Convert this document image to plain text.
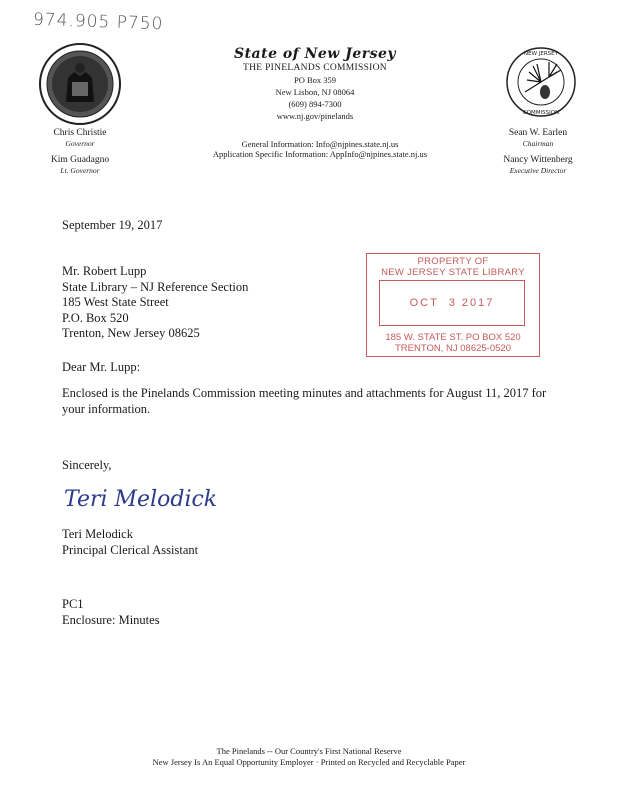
974.905 P750
State of New Jersey
THE PINELANDS COMMISSION
PO Box 359
New Lisbon, NJ 08064
(609) 894-7300
www.nj.gov/pinelands
NEW JERSEY
COMMISSION
Chris Christie
Governor
Kim Guadagno
Lt. Governor
Sean W. Earlen
Chairman
Nancy Wittenberg
Executive Director
General Information: Info@njpines.state.nj.us
Application Specific Information: AppInfo@njpines.state.nj.us
September 19, 2017
Mr. Robert Lupp
State Library – NJ Reference Section
185 West State Street
P.O. Box 520
Trenton, New Jersey 08625
PROPERTY OF
NEW JERSEY STATE LIBRARY
OCT  3 2017
185 W. STATE ST. PO BOX 520
TRENTON, NJ 08625-0520
Dear Mr. Lupp:
Enclosed is the Pinelands Commission meeting minutes and attachments for August 11, 2017 for your information.
Sincerely,
Teri Melodick
Teri Melodick
Principal Clerical Assistant
PC1
Enclosure: Minutes
The Pinelands -- Our Country's First National Reserve
New Jersey Is An Equal Opportunity Employer · Printed on Recycled and Recyclable Paper
